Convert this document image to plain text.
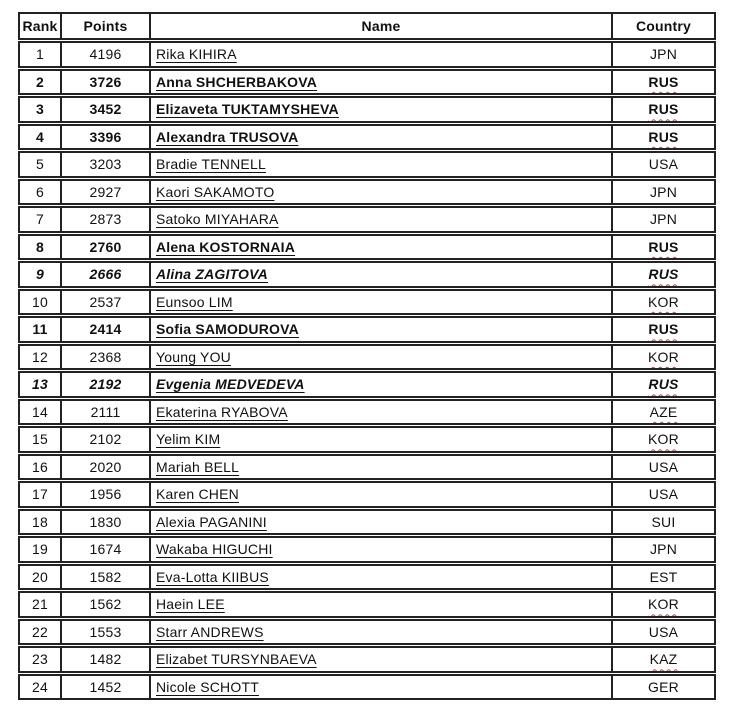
Rank	Points	Name	Country
1	4196	Rika KIHIRA	JPN
2	3726	Anna SHCHERBAKOVA	RUS
3	3452	Elizaveta TUKTAMYSHEVA	RUS
4	3396	Alexandra TRUSOVA	RUS
5	3203	Bradie TENNELL	USA
6	2927	Kaori SAKAMOTO	JPN
7	2873	Satoko MIYAHARA	JPN
8	2760	Alena KOSTORNAIA	RUS
9	2666	Alina ZAGITOVA	RUS
10	2537	Eunsoo LIM	KOR
11	2414	Sofia SAMODUROVA	RUS
12	2368	Young YOU	KOR
13	2192	Evgenia MEDVEDEVA	RUS
14	2111	Ekaterina RYABOVA	AZE
15	2102	Yelim KIM	KOR
16	2020	Mariah BELL	USA
17	1956	Karen CHEN	USA
18	1830	Alexia PAGANINI	SUI
19	1674	Wakaba HIGUCHI	JPN
20	1582	Eva-Lotta KIIBUS	EST
21	1562	Haein LEE	KOR
22	1553	Starr ANDREWS	USA
23	1482	Elizabet TURSYNBAEVA	KAZ
24	1452	Nicole SCHOTT	GER
